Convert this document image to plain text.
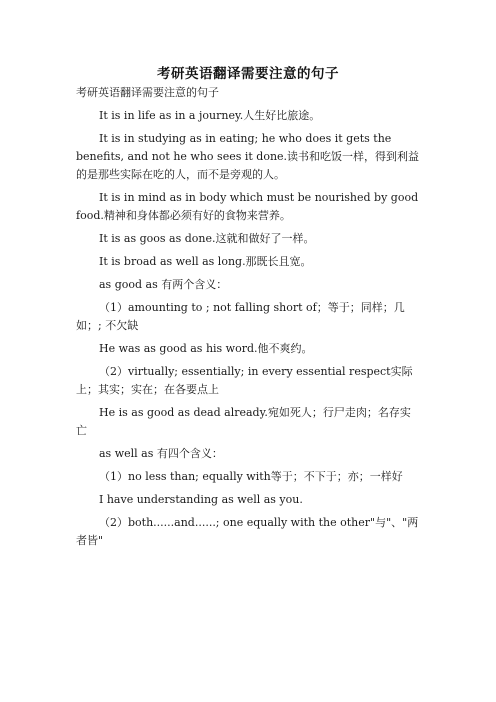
考研英语翻译需要注意的句子

考研英语翻译需要注意的句子

It is in life as in a journey.人生好比旅途。

It is in studying as in eating; he who does it gets the benefits, and not he who sees it done.读书和吃饭一样，得到利益的是那些实际在吃的人，而不是旁观的人。

It is in mind as in body which must be nourished by good food.精神和身体都必须有好的食物来营养。

It is as goos as done.这就和做好了一样。

It is broad as well as long.那既长且宽。

as good as 有两个含义：

（1）amounting to ; not falling short of；等于；同样；几如；; 不欠缺

He was as good as his word.他不爽约。

（2）virtually; essentially; in every essential respect实际上；其实；实在；在各要点上

He is as good as dead already.宛如死人；行尸走肉；名存实亡

as well as 有四个含义：

（1）no less than; equally with等于；不下于；亦；一样好

I have understanding as well as you.

（2）both......and......; one equally with the other"与"、"两者皆"
